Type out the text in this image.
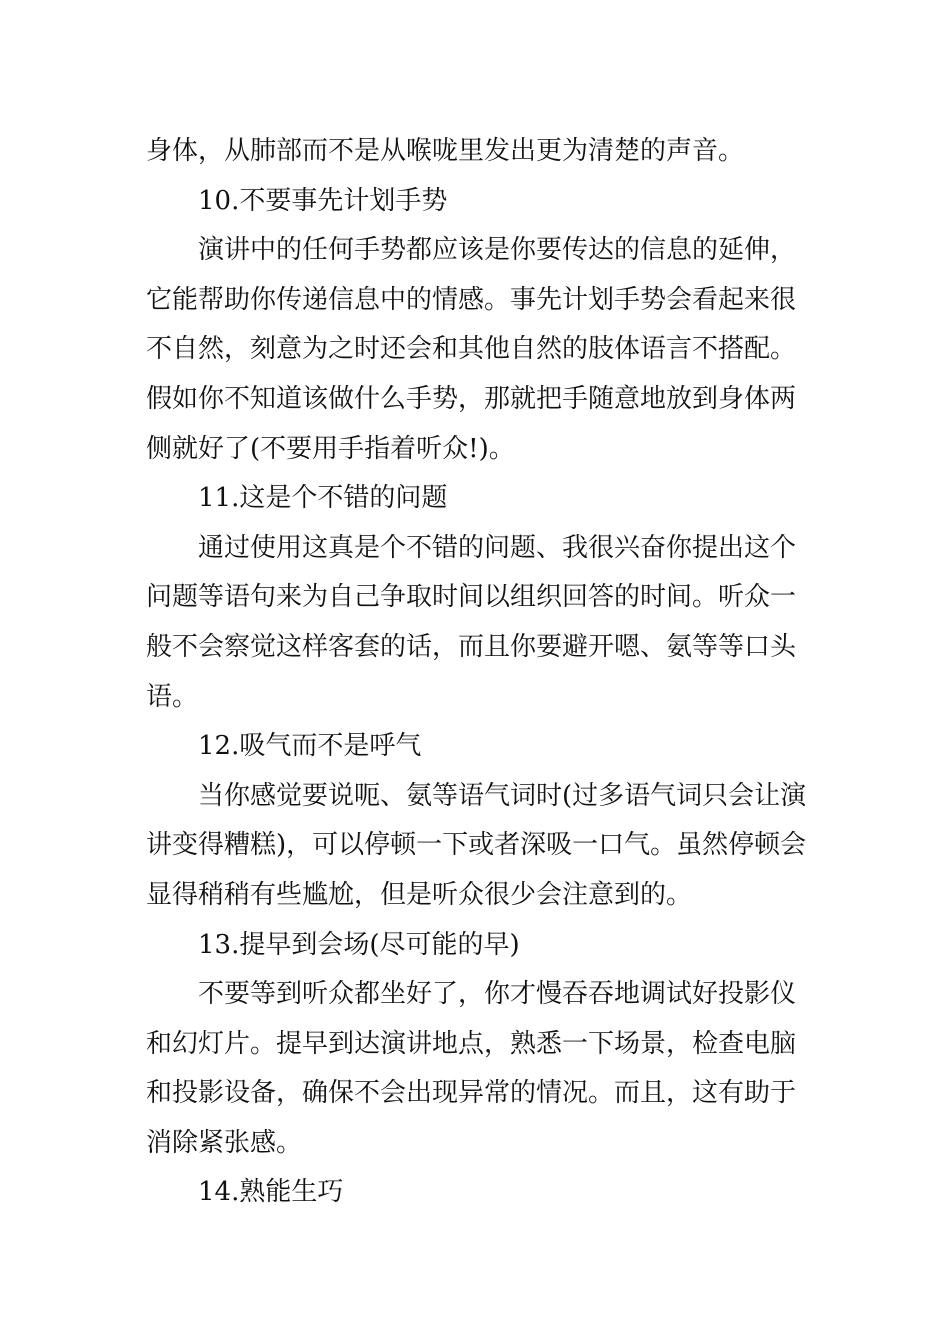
身体，从肺部而不是从喉咙里发出更为清楚的声音。
10.不要事先计划手势
演讲中的任何手势都应该是你要传达的信息的延伸，
它能帮助你传递信息中的情感。事先计划手势会看起来很
不自然，刻意为之时还会和其他自然的肢体语言不搭配。
假如你不知道该做什么手势，那就把手随意地放到身体两
侧就好了(不要用手指着听众!)。
11.这是个不错的问题
通过使用这真是个不错的问题、我很兴奋你提出这个
问题等语句来为自己争取时间以组织回答的时间。听众一
般不会察觉这样客套的话，而且你要避开嗯、氨等等口头
语。
12.吸气而不是呼气
当你感觉要说呃、氨等语气词时(过多语气词只会让演
讲变得糟糕)，可以停顿一下或者深吸一口气。虽然停顿会
显得稍稍有些尴尬，但是听众很少会注意到的。
13.提早到会场(尽可能的早)
不要等到听众都坐好了，你才慢吞吞地调试好投影仪
和幻灯片。提早到达演讲地点，熟悉一下场景，检查电脑
和投影设备，确保不会出现异常的情况。而且，这有助于
消除紧张感。
14.熟能生巧
